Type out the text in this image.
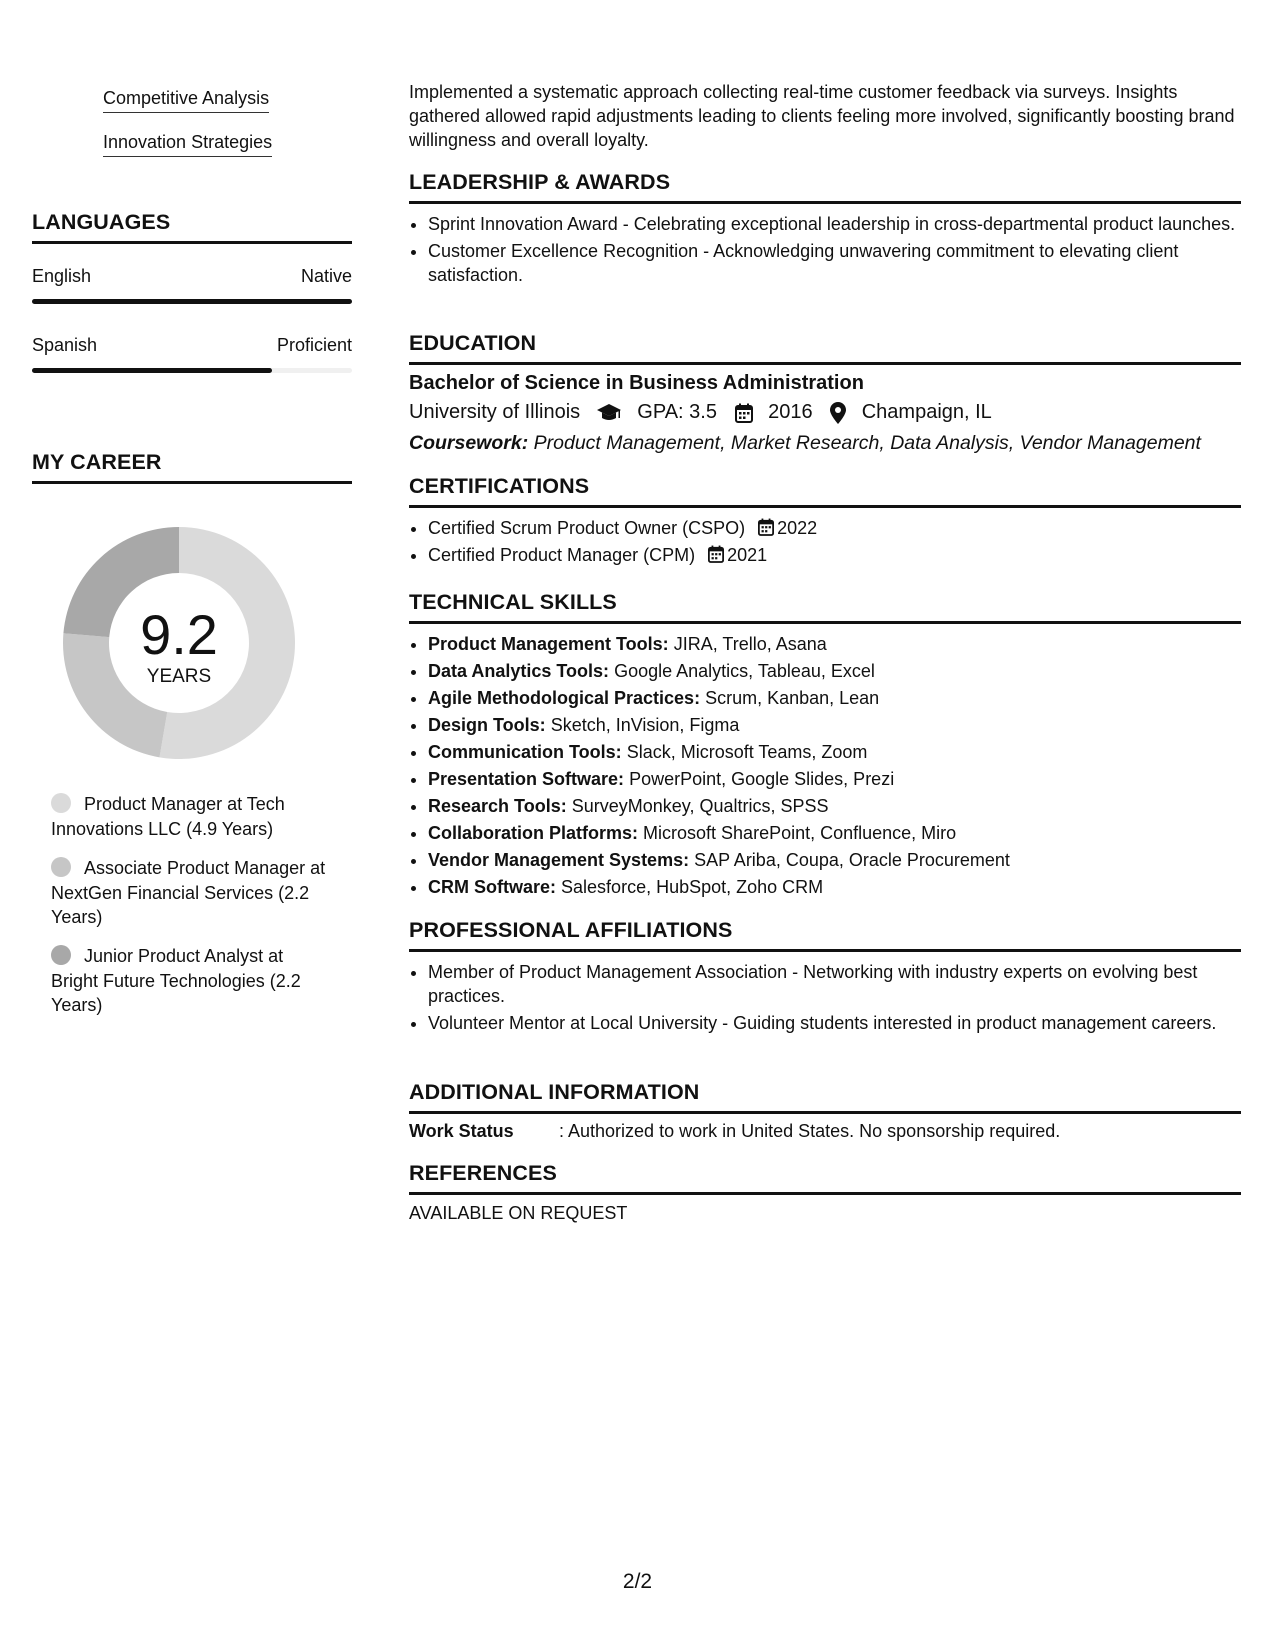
Competitive Analysis
Innovation Strategies
LANGUAGES
English	Native
Spanish	Proficient
MY CAREER
9.2
YEARS
Product Manager at Tech Innovations LLC (4.9 Years)
Associate Product Manager at NextGen Financial Services (2.2 Years)
Junior Product Analyst at Bright Future Technologies (2.2 Years)
Implemented a systematic approach collecting real-time customer feedback via surveys. Insights gathered allowed rapid adjustments leading to clients feeling more involved, significantly boosting brand willingness and overall loyalty.
LEADERSHIP & AWARDS
• Sprint Innovation Award - Celebrating exceptional leadership in cross-departmental product launches.
• Customer Excellence Recognition - Acknowledging unwavering commitment to elevating client satisfaction.
EDUCATION
Bachelor of Science in Business Administration
University of Illinois	GPA: 3.5	2016 Champaign, IL
Coursework: Product Management, Market Research, Data Analysis, Vendor Management
CERTIFICATIONS
• Certified Scrum Product Owner (CSPO) 2022
• Certified Product Manager (CPM) 2021
TECHNICAL SKILLS
• Product Management Tools: JIRA, Trello, Asana
• Data Analytics Tools: Google Analytics, Tableau, Excel
• Agile Methodological Practices: Scrum, Kanban, Lean
• Design Tools: Sketch, InVision, Figma
• Communication Tools: Slack, Microsoft Teams, Zoom
• Presentation Software: PowerPoint, Google Slides, Prezi
• Research Tools: SurveyMonkey, Qualtrics, SPSS
• Collaboration Platforms: Microsoft SharePoint, Confluence, Miro
• Vendor Management Systems: SAP Ariba, Coupa, Oracle Procurement
• CRM Software: Salesforce, HubSpot, Zoho CRM
PROFESSIONAL AFFILIATIONS
• Member of Product Management Association - Networking with industry experts on evolving best practices.
• Volunteer Mentor at Local University - Guiding students interested in product management careers.
ADDITIONAL INFORMATION
Work Status	: Authorized to work in United States. No sponsorship required.
REFERENCES
AVAILABLE ON REQUEST
2/2
